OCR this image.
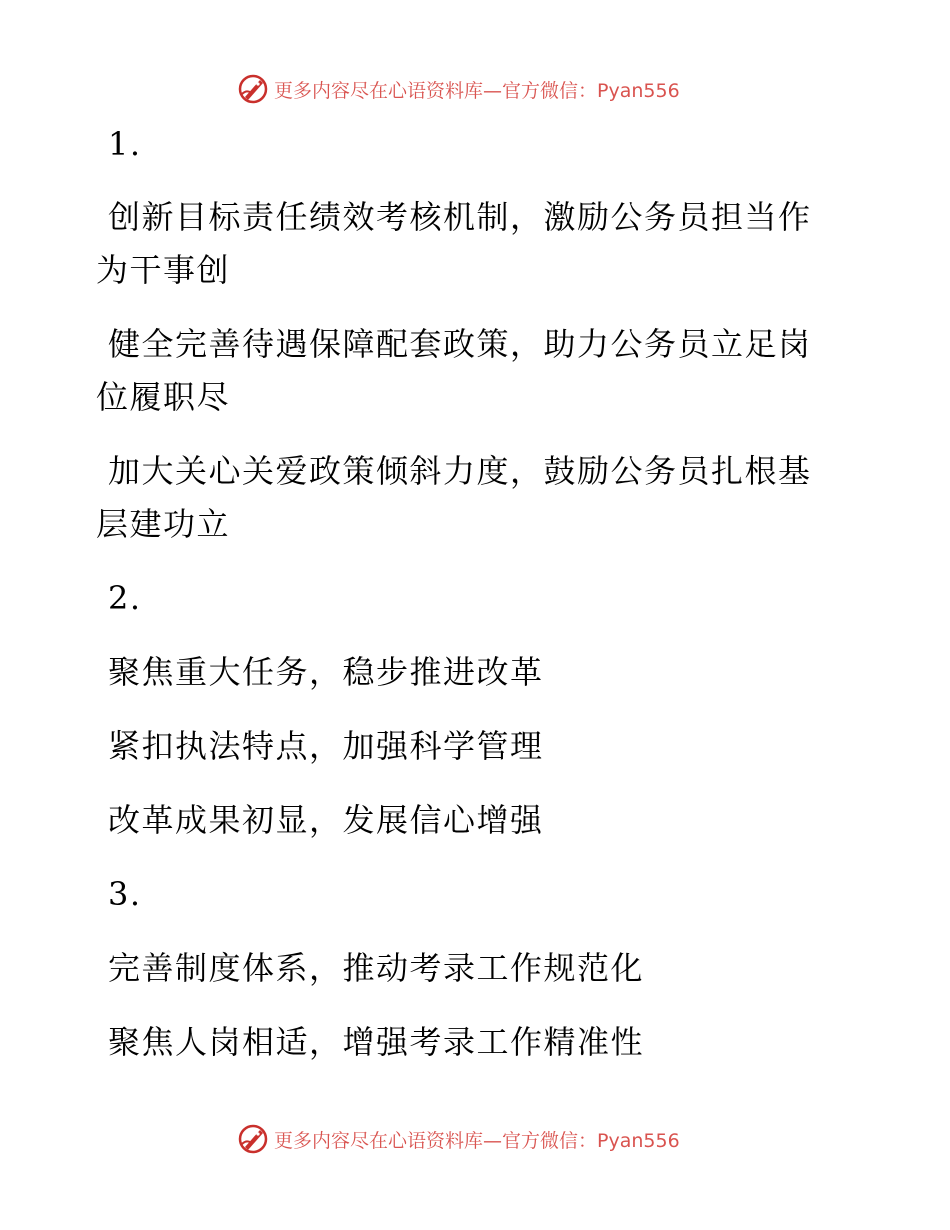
更多内容尽在心语资料库—官方微信：Pyan556

1.

创新目标责任绩效考核机制，激励公务员担当作为干事创

健全完善待遇保障配套政策，助力公务员立足岗位履职尽

加大关心关爱政策倾斜力度，鼓励公务员扎根基层建功立

2.

聚焦重大任务，稳步推进改革

紧扣执法特点，加强科学管理

改革成果初显，发展信心增强

3.

完善制度体系，推动考录工作规范化

聚焦人岗相适，增强考录工作精准性

更多内容尽在心语资料库—官方微信：Pyan556
